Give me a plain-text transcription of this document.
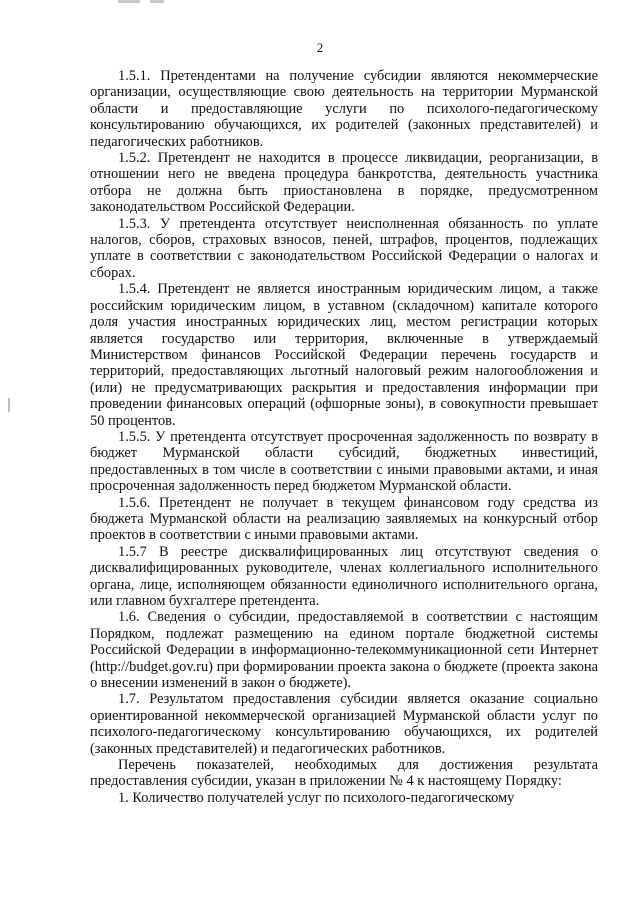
2

1.5.1. Претендентами на получение субсидии являются некоммерческие организации, осуществляющие свою деятельность на территории Мурманской области и предоставляющие услуги по психолого-педагогическому консультированию обучающихся, их родителей (законных представителей) и педагогических работников.

1.5.2. Претендент не находится в процессе ликвидации, реорганизации, в отношении него не введена процедура банкротства, деятельность участника отбора не должна быть приостановлена в порядке, предусмотренном законодательством Российской Федерации.

1.5.3. У претендента отсутствует неисполненная обязанность по уплате налогов, сборов, страховых взносов, пеней, штрафов, процентов, подлежащих уплате в соответствии с законодательством Российской Федерации о налогах и сборах.

1.5.4. Претендент не является иностранным юридическим лицом, а также российским юридическим лицом, в уставном (складочном) капитале которого доля участия иностранных юридических лиц, местом регистрации которых является государство или территория, включенные в утверждаемый Министерством финансов Российской Федерации перечень государств и территорий, предоставляющих льготный налоговый режим налогообложения и (или) не предусматривающих раскрытия и предоставления информации при проведении финансовых операций (офшорные зоны), в совокупности превышает 50 процентов.

1.5.5. У претендента отсутствует просроченная задолженность по возврату в бюджет Мурманской области субсидий, бюджетных инвестиций, предоставленных в том числе в соответствии с иными правовыми актами, и иная просроченная задолженность перед бюджетом Мурманской области.

1.5.6. Претендент не получает в текущем финансовом году средства из бюджета Мурманской области на реализацию заявляемых на конкурсный отбор проектов в соответствии с иными правовыми актами.

1.5.7 В реестре дисквалифицированных лиц отсутствуют сведения о дисквалифицированных руководителе, членах коллегиального исполнительного органа, лице, исполняющем обязанности единоличного исполнительного органа, или главном бухгалтере претендента.

1.6. Сведения о субсидии, предоставляемой в соответствии с настоящим Порядком, подлежат размещению на едином портале бюджетной системы Российской Федерации в информационно-телекоммуникационной сети Интернет (http://budget.gov.ru) при формировании проекта закона о бюджете (проекта закона о внесении изменений в закон о бюджете).

1.7. Результатом предоставления субсидии является оказание социально ориентированной некоммерческой организацией Мурманской области услуг по психолого-педагогическому консультированию обучающихся, их родителей (законных представителей) и педагогических работников.

Перечень показателей, необходимых для достижения результата предоставления субсидии, указан в приложении № 4 к настоящему Порядку:

1. Количество получателей услуг по психолого-педагогическому
